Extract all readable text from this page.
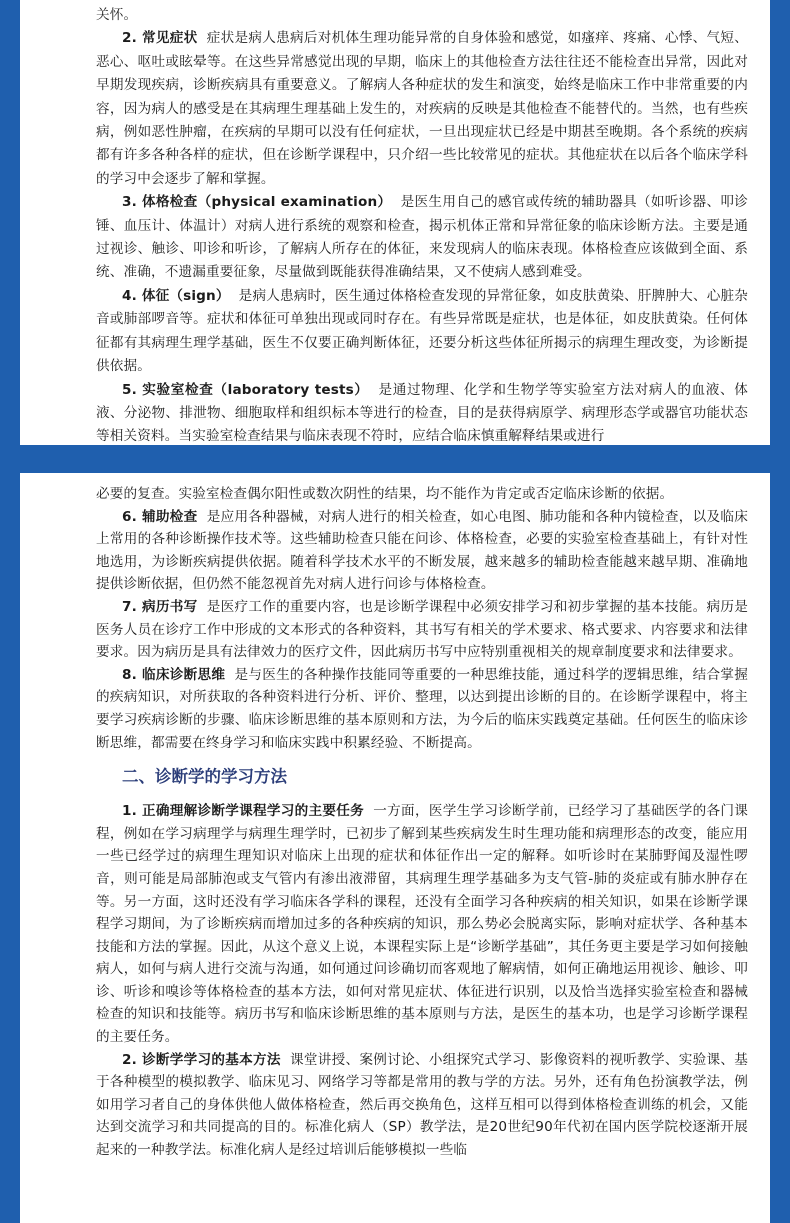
关怀。

2. 常见症状 症状是病人患病后对机体生理功能异常的自身体验和感觉，如瘙痒、疼痛、心悸、气短、恶心、呕吐或眩晕等。在这些异常感觉出现的早期，临床上的其他检查方法往往还不能检查出异常，因此对早期发现疾病，诊断疾病具有重要意义。了解病人各种症状的发生和演变，始终是临床工作中非常重要的内容，因为病人的感受是在其病理生理基础上发生的，对疾病的反映是其他检查不能替代的。当然，也有些疾病，例如恶性肿瘤，在疾病的早期可以没有任何症状，一旦出现症状已经是中期甚至晚期。各个系统的疾病都有许多各种各样的症状，但在诊断学课程中，只介绍一些比较常见的症状。其他症状在以后各个临床学科的学习中会逐步了解和掌握。

3. 体格检查（physical examination） 是医生用自己的感官或传统的辅助器具（如听诊器、叩诊锤、血压计、体温计）对病人进行系统的观察和检查，揭示机体正常和异常征象的临床诊断方法。主要是通过视诊、触诊、叩诊和听诊，了解病人所存在的体征，来发现病人的临床表现。体格检查应该做到全面、系统、准确，不遗漏重要征象，尽量做到既能获得准确结果，又不使病人感到难受。

4. 体征（sign） 是病人患病时，医生通过体格检查发现的异常征象，如皮肤黄染、肝脾肿大、心脏杂音或肺部啰音等。症状和体征可单独出现或同时存在。有些异常既是症状，也是体征，如皮肤黄染。任何体征都有其病理生理学基础，医生不仅要正确判断体征，还要分析这些体征所揭示的病理生理改变，为诊断提供依据。

5. 实验室检查（laboratory tests） 是通过物理、化学和生物学等实验室方法对病人的血液、体液、分泌物、排泄物、细胞取样和组织标本等进行的检查，目的是获得病原学、病理形态学或器官功能状态等相关资料。当实验室检查结果与临床表现不符时，应结合临床慎重解释结果或进行

必要的复查。实验室检查偶尔阳性或数次阴性的结果，均不能作为肯定或否定临床诊断的依据。

6. 辅助检查 是应用各种器械，对病人进行的相关检查，如心电图、肺功能和各种内镜检查，以及临床上常用的各种诊断操作技术等。这些辅助检查只能在问诊、体格检查，必要的实验室检查基础上，有针对性地选用，为诊断疾病提供依据。随着科学技术水平的不断发展，越来越多的辅助检查能越来越早期、准确地提供诊断依据，但仍然不能忽视首先对病人进行问诊与体格检查。

7. 病历书写 是医疗工作的重要内容，也是诊断学课程中必须安排学习和初步掌握的基本技能。病历是医务人员在诊疗工作中形成的文本形式的各种资料，其书写有相关的学术要求、格式要求、内容要求和法律要求。因为病历是具有法律效力的医疗文件，因此病历书写中应特别重视相关的规章制度要求和法律要求。

8. 临床诊断思维 是与医生的各种操作技能同等重要的一种思维技能，通过科学的逻辑思维，结合掌握的疾病知识，对所获取的各种资料进行分析、评价、整理，以达到提出诊断的目的。在诊断学课程中，将主要学习疾病诊断的步骤、临床诊断思维的基本原则和方法，为今后的临床实践奠定基础。任何医生的临床诊断思维，都需要在终身学习和临床实践中积累经验、不断提高。

二、诊断学的学习方法

1. 正确理解诊断学课程学习的主要任务 一方面，医学生学习诊断学前，已经学习了基础医学的各门课程，例如在学习病理学与病理生理学时，已初步了解到某些疾病发生时生理功能和病理形态的改变，能应用一些已经学过的病理生理知识对临床上出现的症状和体征作出一定的解释。如听诊时在某肺野闻及湿性啰音，则可能是局部肺泡或支气管内有渗出液滞留，其病理生理学基础多为支气管-肺的炎症或有肺水肿存在等。另一方面，这时还没有学习临床各学科的课程，还没有全面学习各种疾病的相关知识，如果在诊断学课程学习期间，为了诊断疾病而增加过多的各种疾病的知识，那么势必会脱离实际，影响对症状学、各种基本技能和方法的掌握。因此，从这个意义上说，本课程实际上是“诊断学基础”，其任务更主要是学习如何接触病人，如何与病人进行交流与沟通，如何通过问诊确切而客观地了解病情，如何正确地运用视诊、触诊、叩诊、听诊和嗅诊等体格检查的基本方法，如何对常见症状、体征进行识别，以及恰当选择实验室检查和器械检查的知识和技能等。病历书写和临床诊断思维的基本原则与方法，是医生的基本功，也是学习诊断学课程的主要任务。

2. 诊断学学习的基本方法 课堂讲授、案例讨论、小组探究式学习、影像资料的视听教学、实验课、基于各种模型的模拟教学、临床见习、网络学习等都是常用的教与学的方法。另外，还有角色扮演教学法，例如用学习者自己的身体供他人做体格检查，然后再交换角色，这样互相可以得到体格检查训练的机会，又能达到交流学习和共同提高的目的。标准化病人（SP）教学法，是20世纪90年代初在国内医学院校逐渐开展起来的一种教学法。标准化病人是经过培训后能够模拟一些临
